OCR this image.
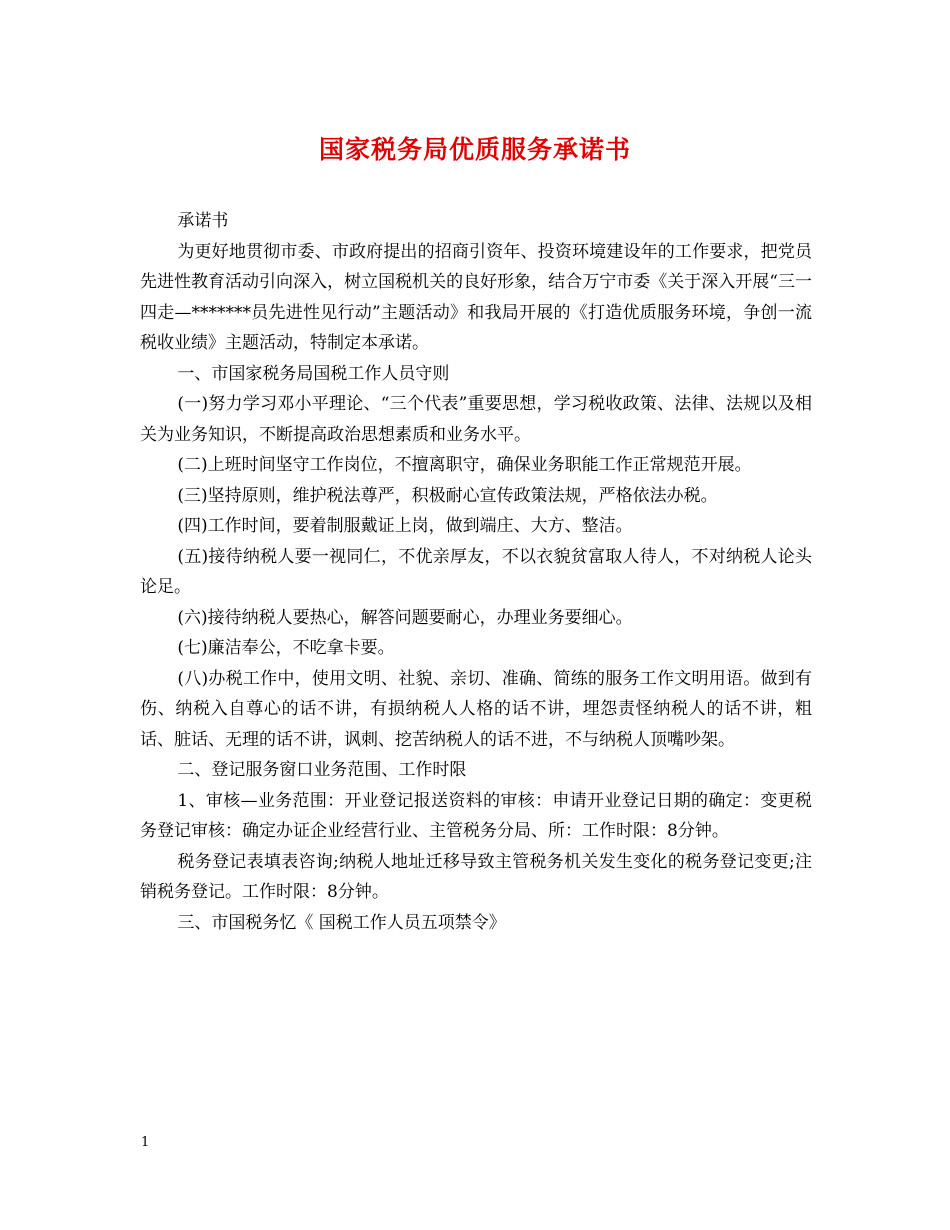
国家税务局优质服务承诺书

承诺书

为更好地贯彻市委、市政府提出的招商引资年、投资环境建设年的工作要求，把党员先进性教育活动引向深入，树立国税机关的良好形象，结合万宁市委《关于深入开展“三一四走—*******员先进性见行动”主题活动》和我局开展的《打造优质服务环境，争创一流税收业绩》主题活动，特制定本承诺。

一、市国家税务局国税工作人员守则

(一)努力学习邓小平理论、“三个代表”重要思想，学习税收政策、法律、法规以及相关为业务知识，不断提高政治思想素质和业务水平。

(二)上班时间坚守工作岗位，不擅离职守，确保业务职能工作正常规范开展。

(三)坚持原则，维护税法尊严，积极耐心宣传政策法规，严格依法办税。

(四)工作时间，要着制服戴证上岗，做到端庄、大方、整洁。

(五)接待纳税人要一视同仁，不优亲厚友，不以衣貌贫富取人待人，不对纳税人论头论足。

(六)接待纳税人要热心，解答问题要耐心，办理业务要细心。

(七)廉洁奉公，不吃拿卡要。

(八)办税工作中，使用文明、社貌、亲切、准确、简练的服务工作文明用语。做到有伤、纳税入自尊心的话不讲，有损纳税人人格的话不讲，埋怨责怪纳税人的话不讲，粗话、脏话、无理的话不讲，讽刺、挖苦纳税人的话不进，不与纳税人顶嘴吵架。

二、登记服务窗口业务范围、工作时限

1、审核—业务范围：开业登记报送资料的审核：申请开业登记日期的确定：变更税务登记审核：确定办证企业经营行业、主管税务分局、所：工作时限：8分钟。

税务登记表填表咨询;纳税人地址迁移导致主管税务机关发生变化的税务登记变更;注销税务登记。工作时限：8分钟。

三、市国税务忆《 国税工作人员五项禁令》

1
